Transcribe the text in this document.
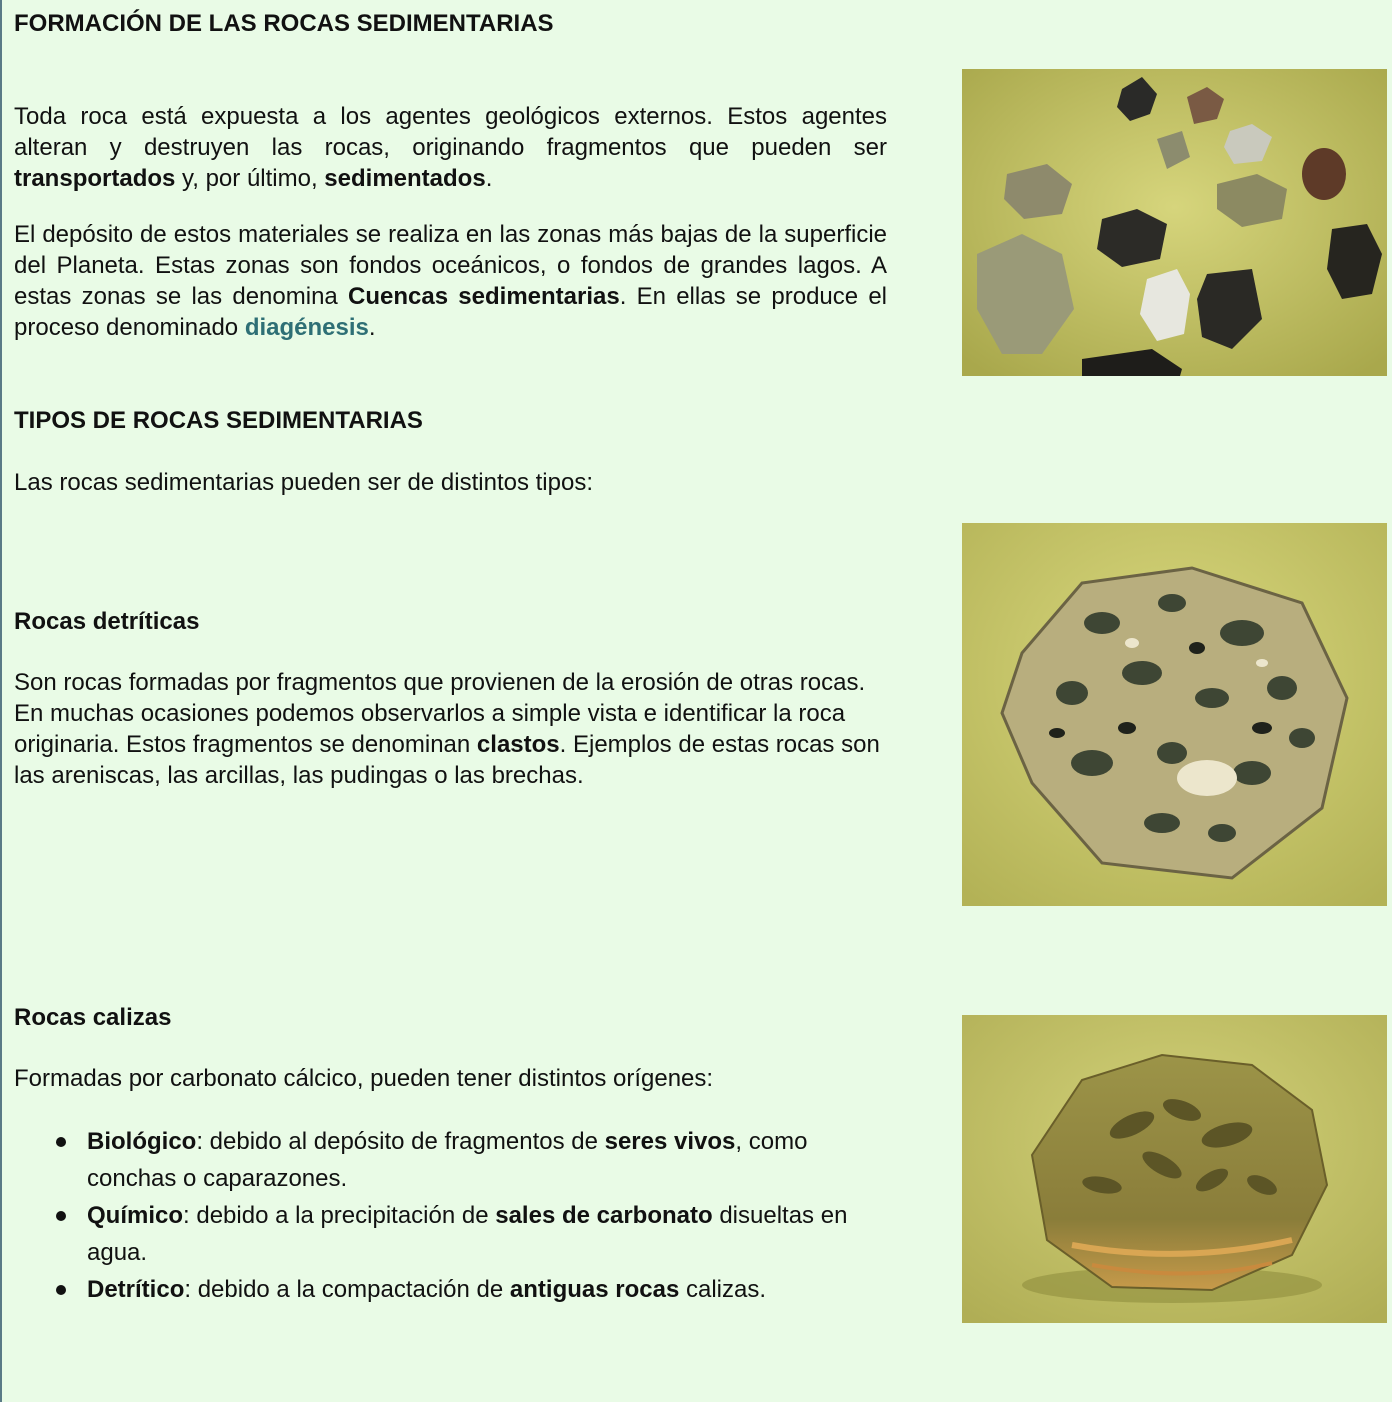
FORMACIÓN DE LAS ROCAS SEDIMENTARIAS

Toda roca está expuesta a los agentes geológicos externos. Estos agentes alteran y destruyen las rocas, originando fragmentos que pueden ser transportados y, por último, sedimentados.

El depósito de estos materiales se realiza en las zonas más bajas de la superficie del Planeta. Estas zonas son fondos oceánicos, o fondos de grandes lagos. A estas zonas se las denomina Cuencas sedimentarias. En ellas se produce el proceso denominado diagénesis.

TIPOS DE ROCAS SEDIMENTARIAS

Las rocas sedimentarias pueden ser de distintos tipos:

Rocas detríticas

Son rocas formadas por fragmentos que provienen de la erosión de otras rocas. En muchas ocasiones podemos observarlos a simple vista e identificar la roca originaria. Estos fragmentos se denominan clastos. Ejemplos de estas rocas son las areniscas, las arcillas, las pudingas o las brechas.

Rocas calizas

Formadas por carbonato cálcico, pueden tener distintos orígenes:

Biológico: debido al depósito de fragmentos de seres vivos, como conchas o caparazones.
Químico: debido a la precipitación de sales de carbonato disueltas en agua.
Detrítico: debido a la compactación de antiguas rocas calizas.
